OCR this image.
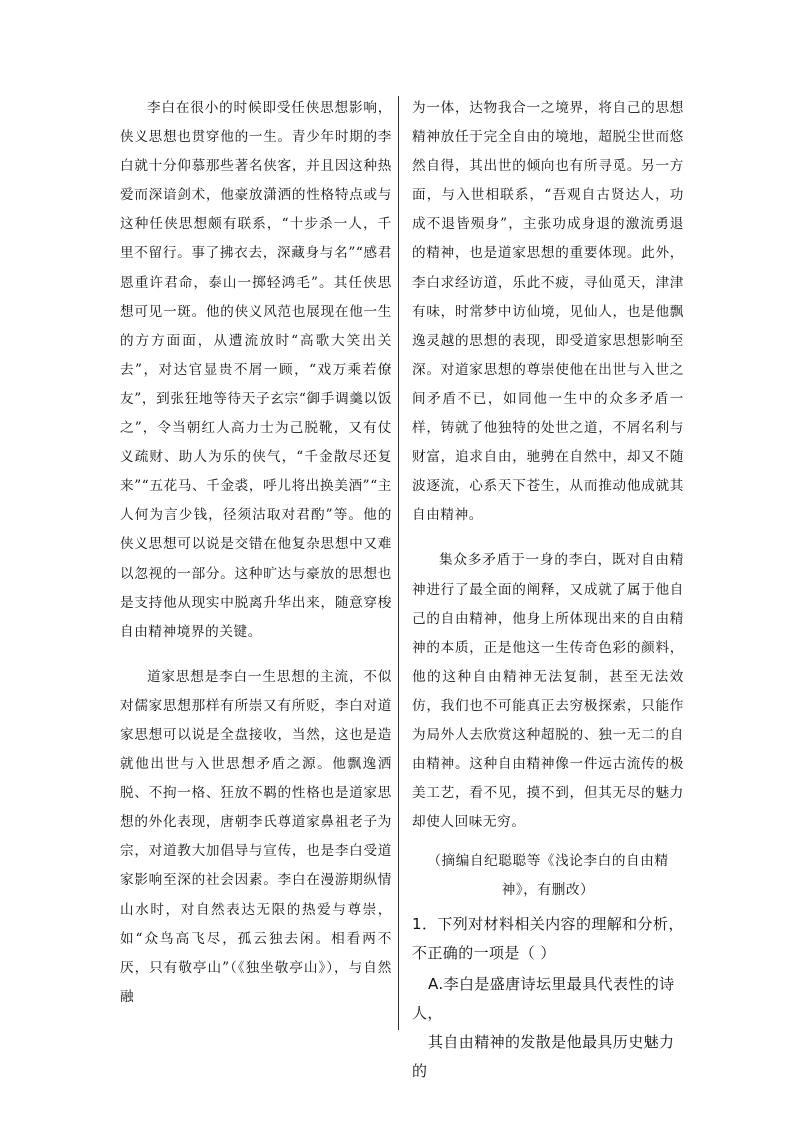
李白在很小的时候即受任侠思想影响，侠义思想也贯穿他的一生。青少年时期的李白就十分仰慕那些著名侠客，并且因这种热爱而深谙剑术，他豪放潇洒的性格特点或与这种任侠思想颇有联系，“十步杀一人，千里不留行。事了拂衣去，深藏身与名”“感君恩重许君命，泰山一掷轻鸿毛”。其任侠思想可见一斑。他的侠义风范也展现在他一生的方方面面，从遭流放时“高歌大笑出关去”，对达官显贵不屑一顾，“戏万乘若僚友”，到张狂地等待天子玄宗“御手调羹以饭之”，令当朝红人高力士为己脱靴，又有仗义疏财、助人为乐的侠气，“千金散尽还复来”“五花马、千金裘，呼儿将出换美酒”“主人何为言少钱，径须沽取对君酌”等。他的侠义思想可以说是交错在他复杂思想中又难以忽视的一部分。这种旷达与豪放的思想也是支持他从现实中脱离升华出来，随意穿梭自由精神境界的关键。

道家思想是李白一生思想的主流，不似对儒家思想那样有所崇又有所贬，李白对道家思想可以说是全盘接收，当然，这也是造就他出世与入世思想矛盾之源。他飘逸洒脱、不拘一格、狂放不羁的性格也是道家思想的外化表现，唐朝李氏尊道家鼻祖老子为宗，对道教大加倡导与宣传，也是李白受道家影响至深的社会因素。李白在漫游期纵情山水时，对自然表达无限的热爱与尊崇，如“众鸟高飞尽，孤云独去闲。相看两不厌，只有敬亭山”（《独坐敬亭山》），与自然融

为一体，达物我合一之境界，将自己的思想精神放任于完全自由的境地，超脱尘世而悠然自得，其出世的倾向也有所寻觅。另一方面，与入世相联系，“吾观自古贤达人，功成不退皆殒身”，主张功成身退的激流勇退的精神，也是道家思想的重要体现。此外，李白求经访道，乐此不疲，寻仙觅天，津津有味，时常梦中访仙境，见仙人，也是他飘逸灵越的思想的表现，即受道家思想影响至深。对道家思想的尊崇使他在出世与入世之间矛盾不已，如同他一生中的众多矛盾一样，铸就了他独特的处世之道，不屑名利与财富，追求自由，驰骋在自然中，却又不随波逐流，心系天下苍生，从而推动他成就其自由精神。

集众多矛盾于一身的李白，既对自由精神进行了最全面的阐释，又成就了属于他自己的自由精神，他身上所体现出来的自由精神的本质，正是他这一生传奇色彩的颜料，他的这种自由精神无法复制，甚至无法效仿，我们也不可能真正去穷极探索，只能作为局外人去欣赏这种超脱的、独一无二的自由精神。这种自由精神像一件远古流传的极美工艺，看不见，摸不到，但其无尽的魅力却使人回味无穷。

（摘编自纪聪聪等《浅论李白的自由精神》，有删改）

1．下列对材料相关内容的理解和分析，不正确的一项是（ ）

A.李白是盛唐诗坛里最具代表性的诗人，

其自由精神的发散是他最具历史魅力的
